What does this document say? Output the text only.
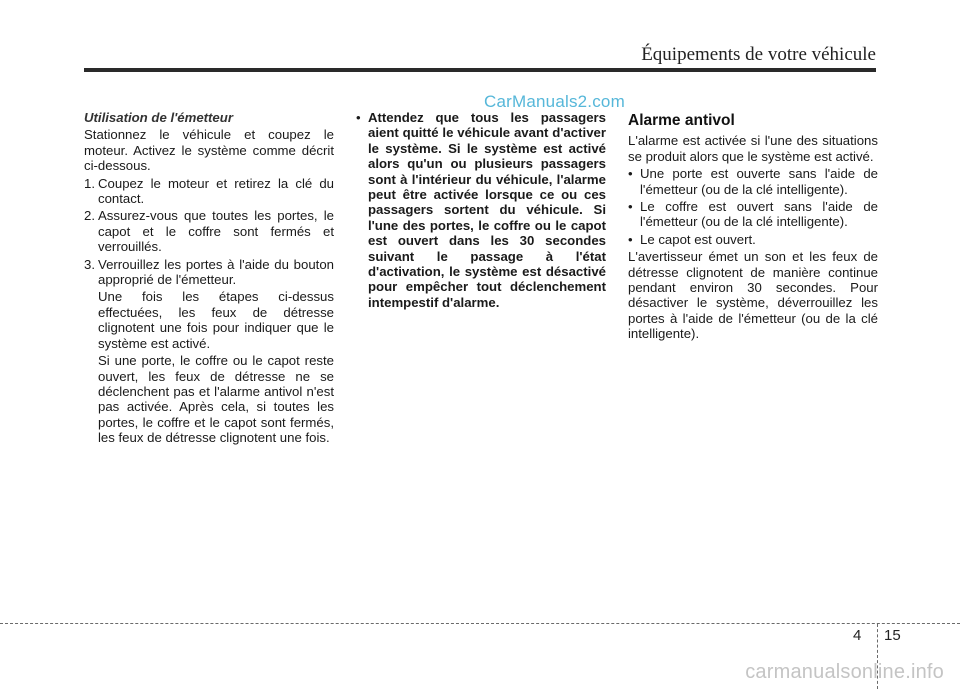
Équipements de votre véhicule
CarManuals2.com
Utilisation de l'émetteur

Stationnez le véhicule et coupez le moteur. Activez le système comme décrit ci-dessous.

1. Coupez le moteur et retirez la clé du contact.
2. Assurez-vous que toutes les portes, le capot et le coffre sont fermés et verrouillés.
3. Verrouillez les portes à l'aide du bouton approprié de l'émetteur.
Une fois les étapes ci-dessus effectuées, les feux de détresse clignotent une fois pour indiquer que le système est activé.
Si une porte, le coffre ou le capot reste ouvert, les feux de détresse ne se déclenchent pas et l'alarme antivol n'est pas activée. Après cela, si toutes les portes, le coffre et le capot sont fermés, les feux de détresse clignotent une fois.
• Attendez que tous les passagers aient quitté le véhicule avant d'activer le système. Si le système est activé alors qu'un ou plusieurs passagers sont à l'intérieur du véhicule, l'alarme peut être activée lorsque ce ou ces passagers sortent du véhicule. Si l'une des portes, le coffre ou le capot est ouvert dans les 30 secondes suivant le passage à l'état d'activation, le système est désactivé pour empêcher tout déclenchement intempestif d'alarme.
Alarme antivol

L'alarme est activée si l'une des situations se produit alors que le système est activé.

• Une porte est ouverte sans l'aide de l'émetteur (ou de la clé intelligente).
• Le coffre est ouvert sans l'aide de l'émetteur (ou de la clé intelligente).
• Le capot est ouvert.

L'avertisseur émet un son et les feux de détresse clignotent de manière continue pendant environ 30 secondes. Pour désactiver le système, déverrouillez les portes à l'aide de l'émetteur (ou de la clé intelligente).

4 15
carmanualsonline.info
